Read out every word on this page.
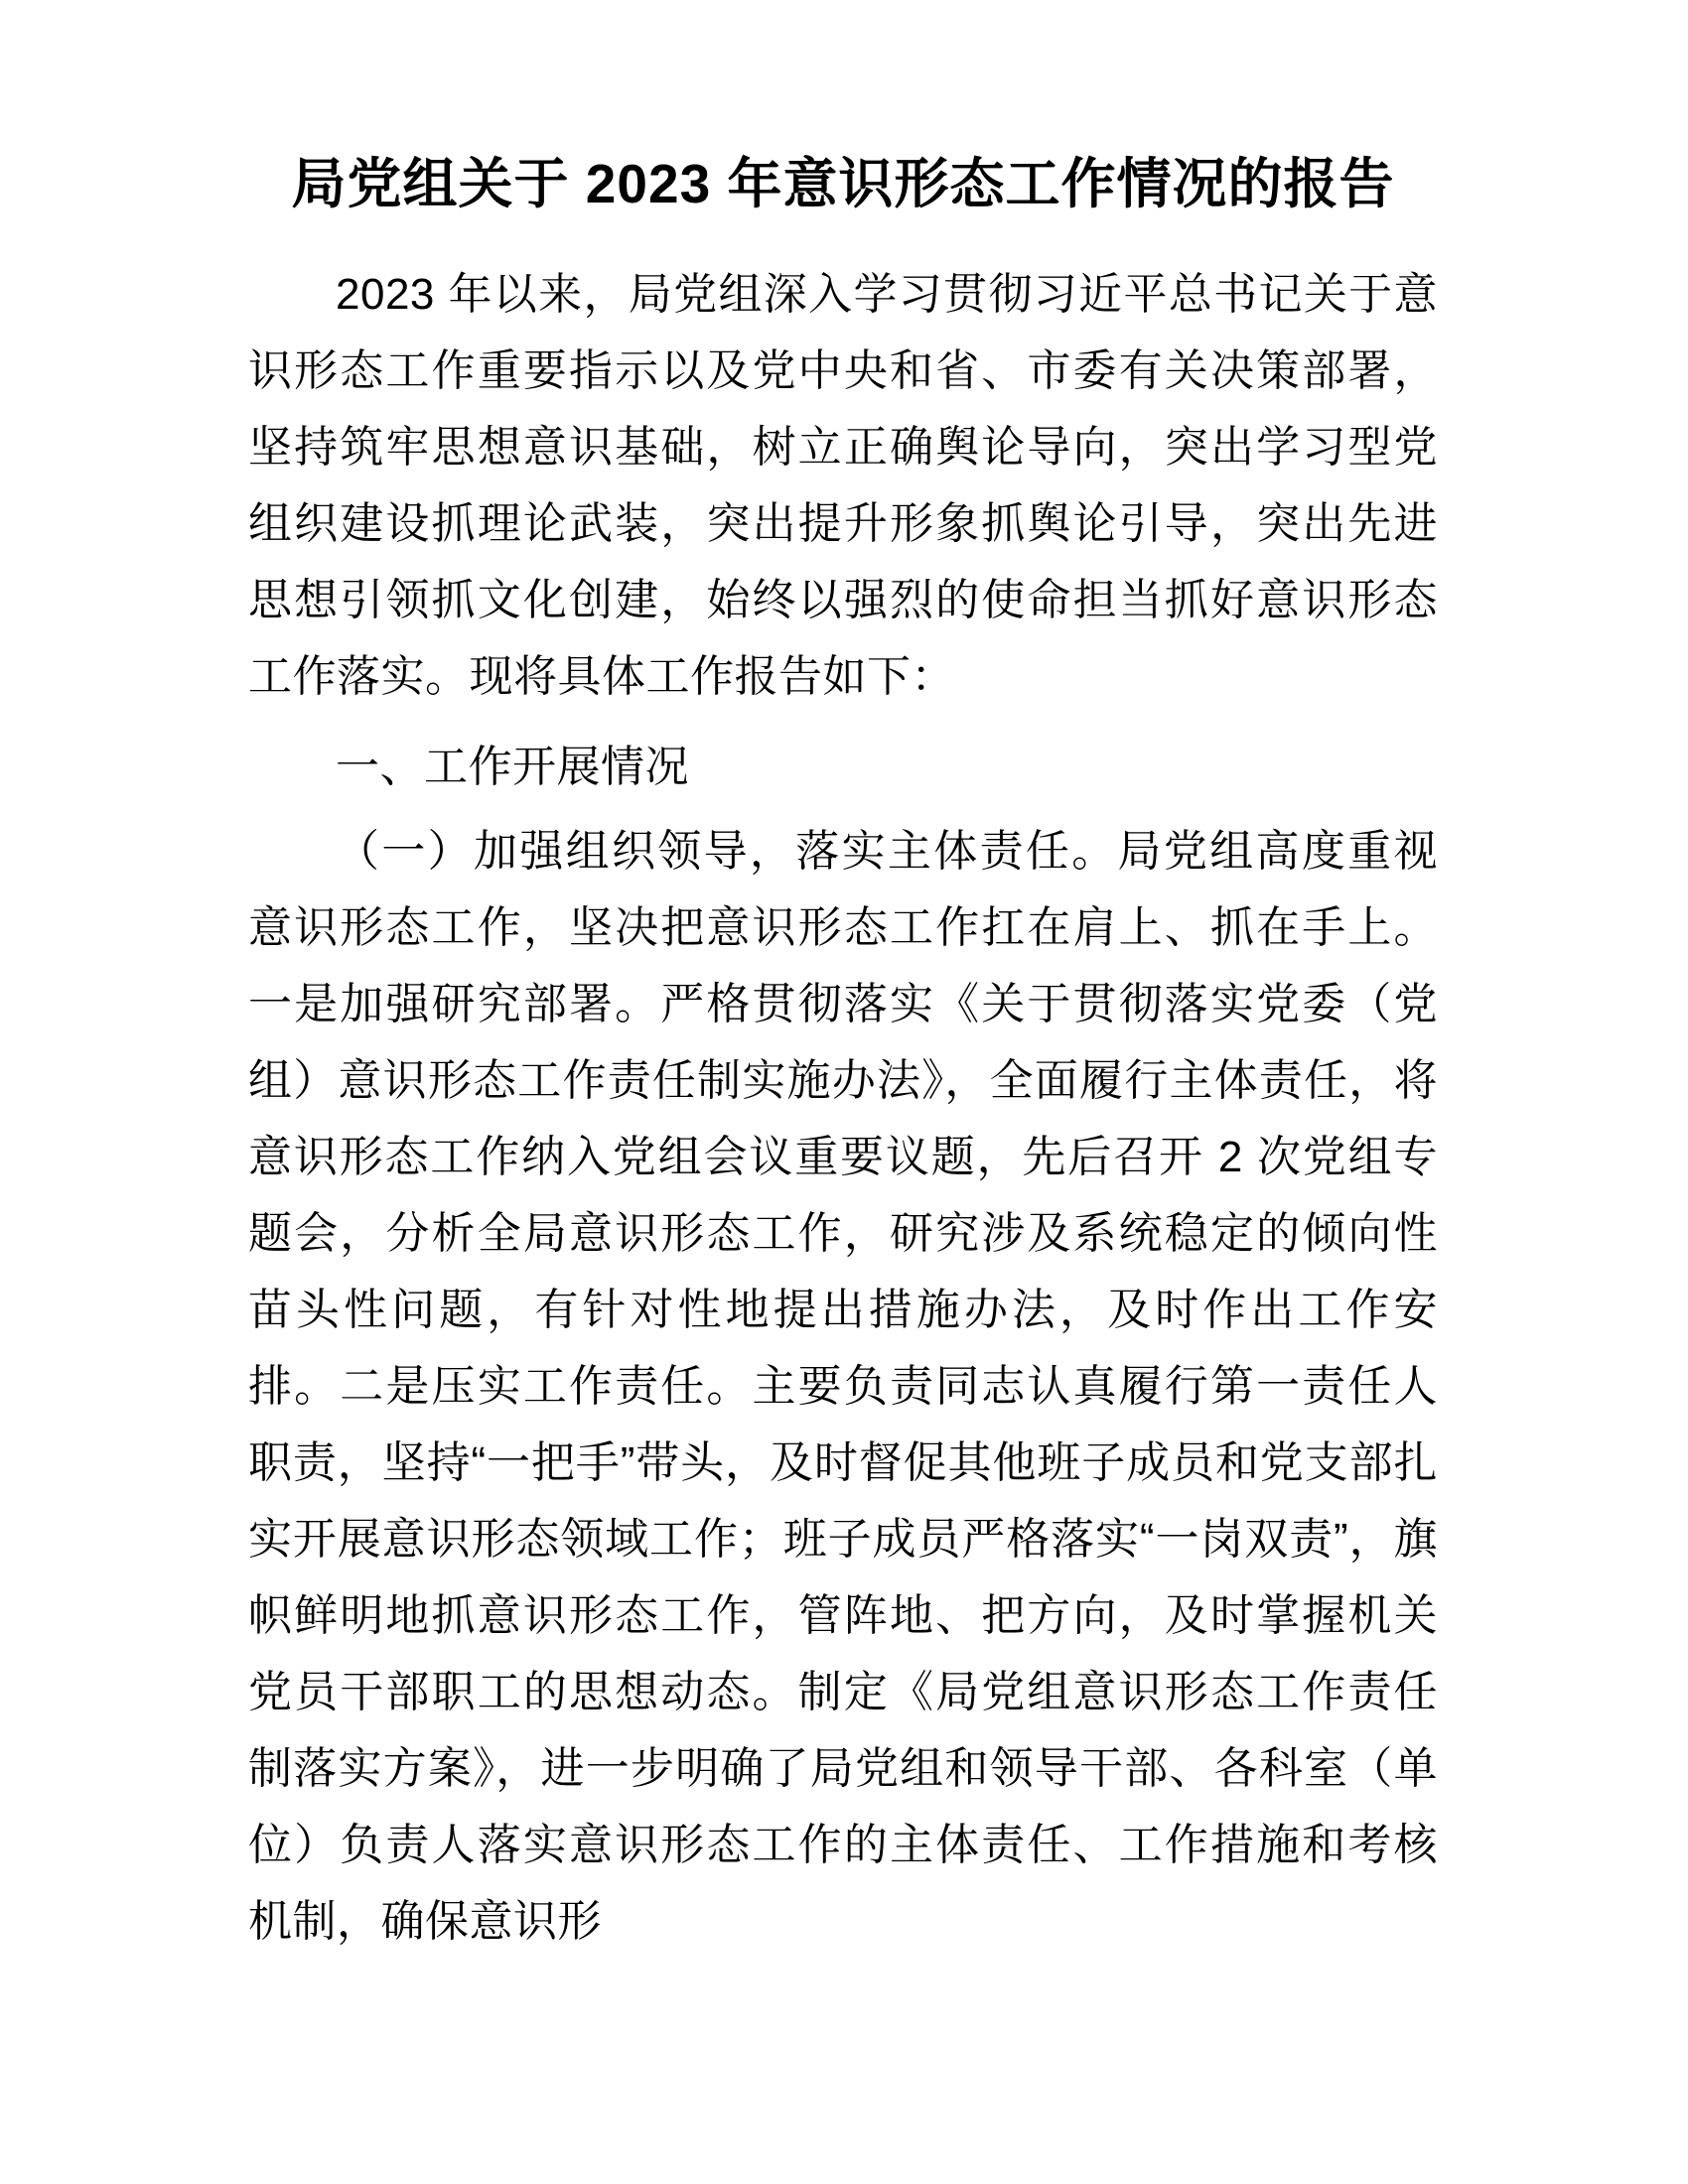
局党组关于 2023 年意识形态工作情况的报告

2023 年以来，局党组深入学习贯彻习近平总书记关于意识形态工作重要指示以及党中央和省、市委有关决策部署，坚持筑牢思想意识基础，树立正确舆论导向，突出学习型党组织建设抓理论武装，突出提升形象抓舆论引导，突出先进思想引领抓文化创建，始终以强烈的使命担当抓好意识形态工作落实。现将具体工作报告如下：

一、工作开展情况

（一）加强组织领导，落实主体责任。局党组高度重视意识形态工作，坚决把意识形态工作扛在肩上、抓在手上。一是加强研究部署。严格贯彻落实《关于贯彻落实党委（党组）意识形态工作责任制实施办法》，全面履行主体责任，将意识形态工作纳入党组会议重要议题，先后召开 2 次党组专题会，分析全局意识形态工作，研究涉及系统稳定的倾向性苗头性问题，有针对性地提出措施办法，及时作出工作安排。二是压实工作责任。主要负责同志认真履行第一责任人职责，坚持“一把手”带头，及时督促其他班子成员和党支部扎实开展意识形态领域工作；班子成员严格落实“一岗双责”，旗帜鲜明地抓意识形态工作，管阵地、把方向，及时掌握机关党员干部职工的思想动态。制定《局党组意识形态工作责任制落实方案》，进一步明确了局党组和领导干部、各科室（单位）负责人落实意识形态工作的主体责任、工作措施和考核机制，确保意识形
